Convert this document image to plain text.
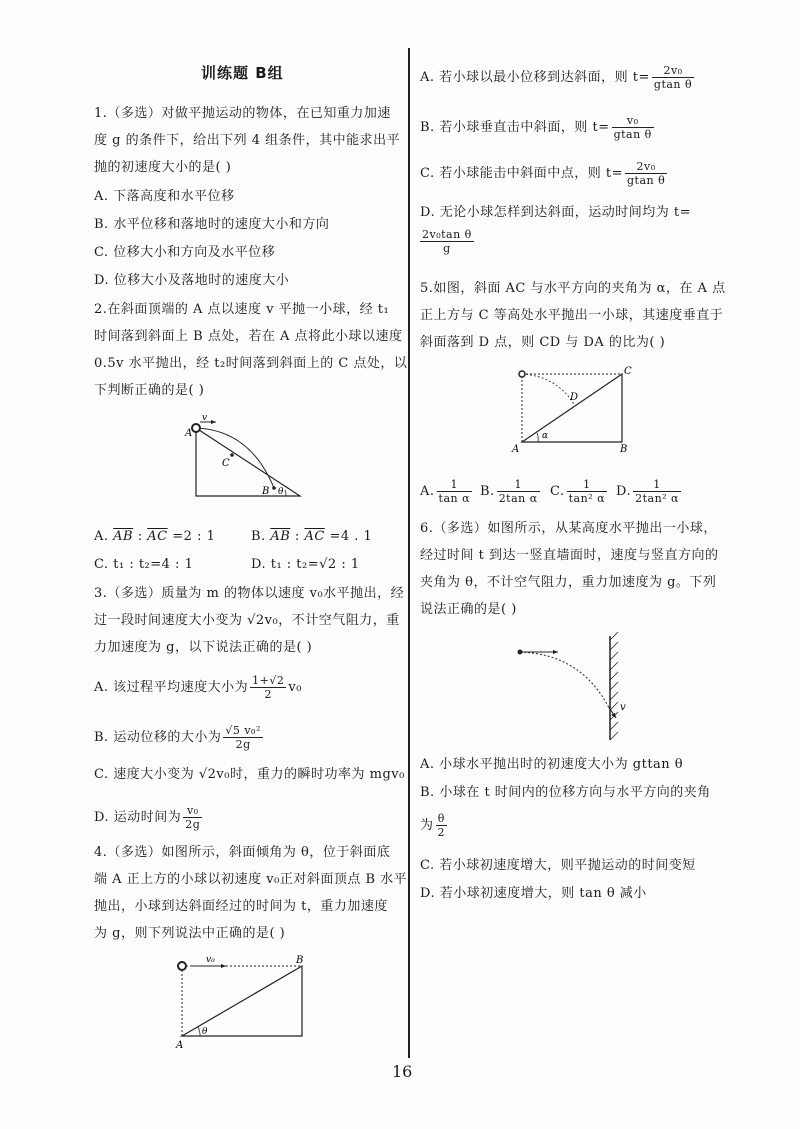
训练题 B组
1.（多选）对做平抛运动的物体，在已知重力加速
度 g 的条件下，给出下列 4 组条件，其中能求出平
抛的初速度大小的是( )
A. 下落高度和水平位移
B. 水平位移和落地时的速度大小和方向
C. 位移大小和方向及水平位移
D. 位移大小及落地时的速度大小
2.在斜面顶端的 A 点以速度 v 平抛一小球，经 t₁
时间落到斜面上 B 点处，若在 A 点将此小球以速度
0.5v 水平抛出，经 t₂时间落到斜面上的 C 点处，以
下判断正确的是( )
v
A
C
B θ
A. $\overline{AB}$ : $\overline{AC} =2$ : 1	B. $\overline{AB}$ : $\overline{AC} =4$ . 1
C. t₁ : t₂=4 : 1	D. t₁ : t₂=√2 : 1
3.（多选）质量为 m 的物体以速度 v₀水平抛出，经
过一段时间速度大小变为 √2v₀，不计空气阻力，重
力加速度为 g，以下说法正确的是( )
A. 该过程平均速度大小为 $\frac{1+√2}{2} v_0$
B. 运动位移的大小为 $\frac{\text{√5 v₀²}}{2g}$
C. 速度大小变为 √2v₀时，重力的瞬时功率为 mgv₀
D. 运动时间为 $\frac{\text{v₀}}{2g}$
4.（多选）如图所示，斜面倾角为 θ，位于斜面底
端 A 正上方的小球以初速度 v₀正对斜面顶点 B 水平
抛出，小球到达斜面经过的时间为 t，重力加速度
为 g，则下列说法中正确的是( )
v₀	B
A
θ
A. 若小球以最小位移到达斜面，则 $t= \frac{\text{2v₀}}{\text{gtan θ}}$
B. 若小球垂直击中斜面，则 $t= \frac{\text{v₀}}{\text{gtan θ}}$
C. 若小球能击中斜面中点，则 $t= \frac{\text{2v₀}}{\text{gtan θ}}$
D. 无论小球怎样到达斜面，运动时间均为 t=
$\frac{\text{2v₀tan θ}}{g}$
5.如图，斜面 AC 与水平方向的夹角为 α，在 A 点
正上方与 C 等高处水平抛出一小球，其速度垂直于
斜面落到 D 点，则 CD 与 DA 的比为( )
C
D
A	B
α
A. $\frac{1}{\text{tan α}} B$. $\frac{1}{\text{2tan α}} C$. $\frac{1}{\text{tan² α}} D$. $\frac{1}{\text{2tan² α}}$
6.（多选）如图所示，从某高度水平抛出一小球，
经过时间 t 到达一竖直墙面时，速度与竖直方向的
夹角为 θ，不计空气阻力，重力加速度为 g。下列
说法正确的是( )
v
A. 小球水平抛出时的初速度大小为 gttan θ
B. 小球在 t 时间内的位移方向与水平方向的夹角
为 $\frac{\theta}{2}$
C. 若小球初速度增大，则平抛运动的时间变短
D. 若小球初速度增大，则 tan θ 减小
16
